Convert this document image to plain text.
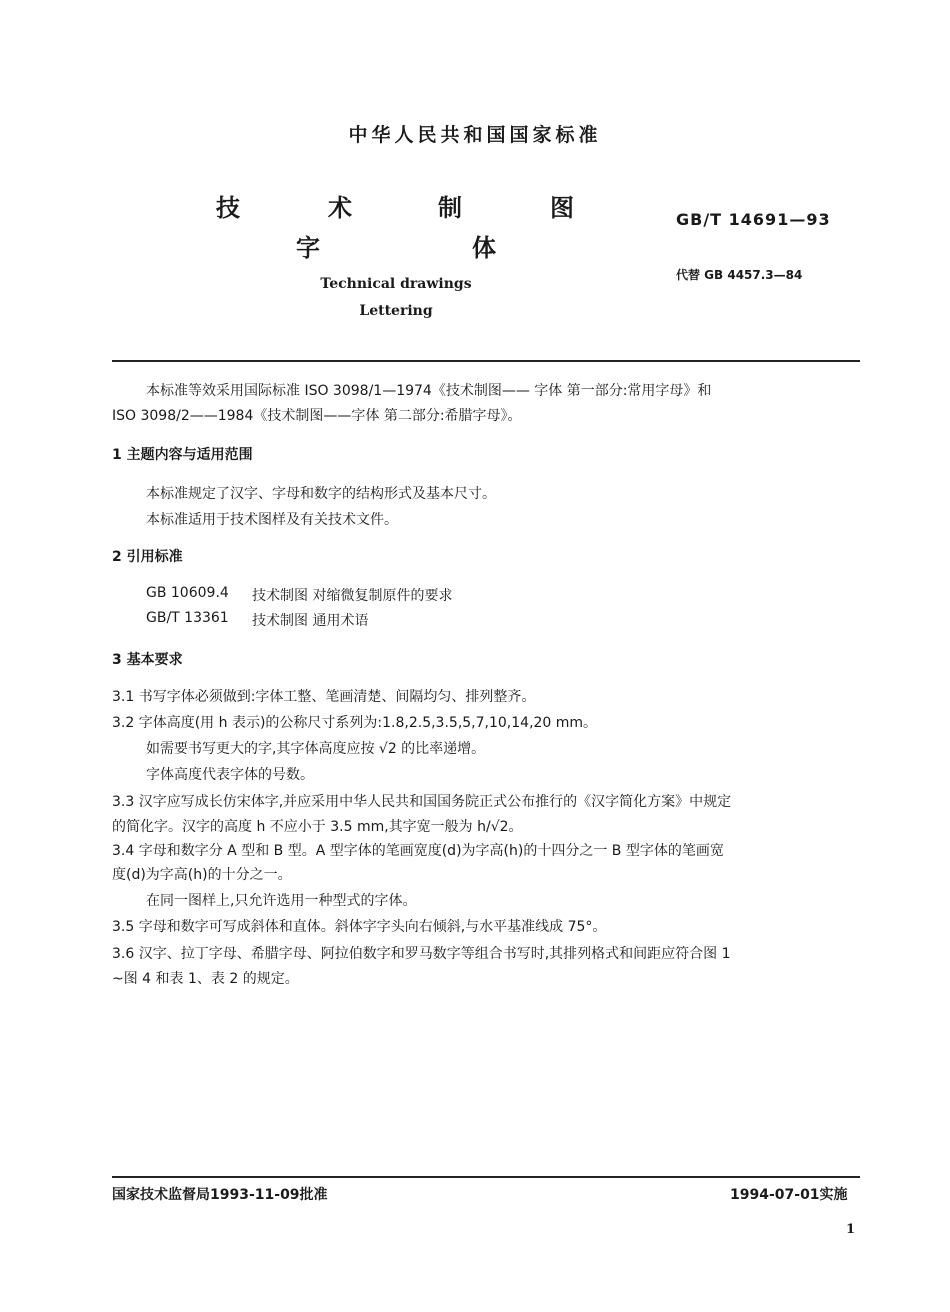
中华人民共和国国家标准
技	术	制	图
字	体
GB/T 14691—93
代替 GB 4457.3—84
Technical drawings
Lettering
本标准等效采用国际标准 ISO 3098/1—1974《技术制图—— 字体 第一部分:常用字母》和
ISO 3098/2——1984《技术制图——字体 第二部分:希腊字母》。
1 主题内容与适用范围
本标准规定了汉字、字母和数字的结构形式及基本尺寸。
本标准适用于技术图样及有关技术文件。
2 引用标准
GB 10609.4 技术制图 对缩微复制原件的要求
GB/T 13361 技术制图 通用术语
3 基本要求
3.1 书写字体必须做到:字体工整、笔画清楚、间隔均匀、排列整齐。
3.2 字体高度(用 h 表示)的公称尺寸系列为:1.8,2.5,3.5,5,7,10,14,20 mm。
如需要书写更大的字,其字体高度应按 √2 的比率递增。
字体高度代表字体的号数。
3.3 汉字应写成长仿宋体字,并应采用中华人民共和国国务院正式公布推行的《汉字简化方案》中规定
的简化字。汉字的高度 h 不应小于 3.5 mm,其字宽一般为 h/√2。
3.4 字母和数字分 A 型和 B 型。A 型字体的笔画宽度(d)为字高(h)的十四分之一 B 型字体的笔画宽
度(d)为字高(h)的十分之一。
在同一图样上,只允许选用一种型式的字体。
3.5 字母和数字可写成斜体和直体。斜体字字头向右倾斜,与水平基准线成 75°。
3.6 汉字、拉丁字母、希腊字母、阿拉伯数字和罗马数字等组合书写时,其排列格式和间距应符合图 1
~图 4 和表 1、表 2 的规定。
国家技术监督局1993-11-09批准	1994-07-01实施
1
